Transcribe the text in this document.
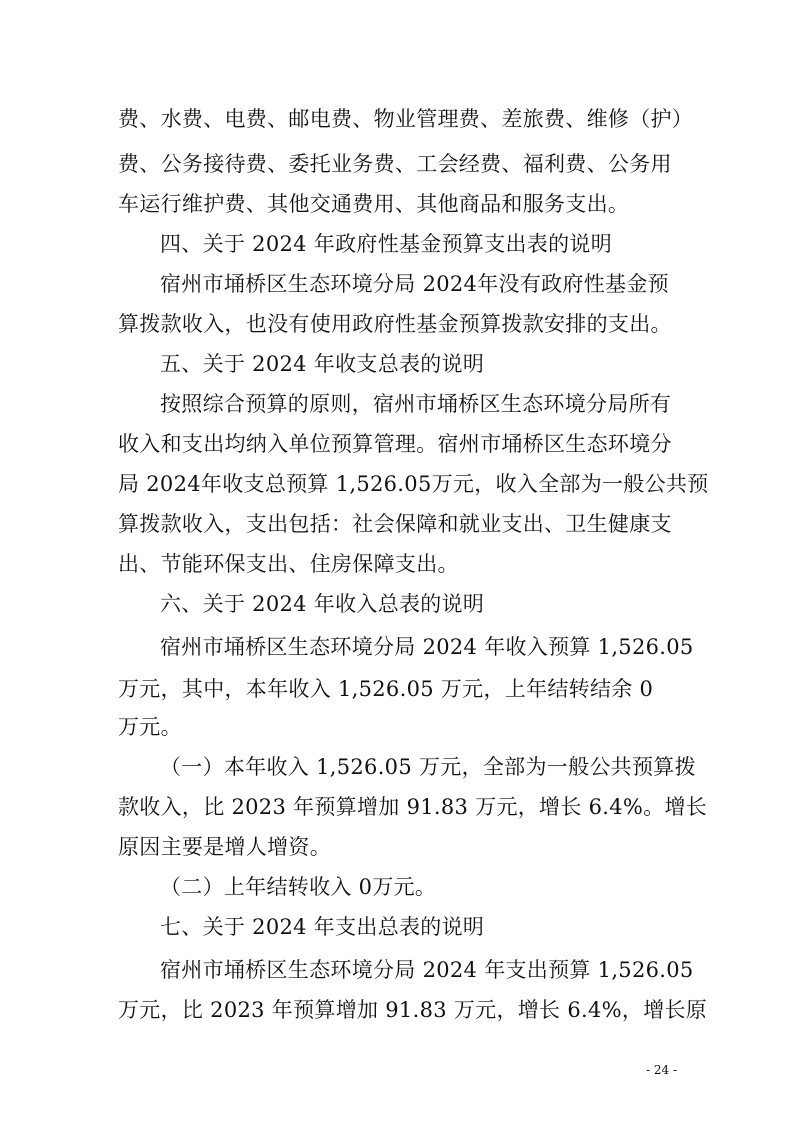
费、水费、电费、邮电费、物业管理费、差旅费、维修（护）
费、公务接待费、委托业务费、工会经费、福利费、公务用
车运行维护费、其他交通费用、其他商品和服务支出。
四、关于 2024 年政府性基金预算支出表的说明
宿州市埇桥区生态环境分局 2024年没有政府性基金预
算拨款收入，也没有使用政府性基金预算拨款安排的支出。
五、关于 2024 年收支总表的说明
按照综合预算的原则，宿州市埇桥区生态环境分局所有
收入和支出均纳入单位预算管理。宿州市埇桥区生态环境分
局 2024年收支总预算 1,526.05万元，收入全部为一般公共预
算拨款收入，支出包括：社会保障和就业支出、卫生健康支
出、节能环保支出、住房保障支出。
六、关于 2024 年收入总表的说明
宿州市埇桥区生态环境分局 2024 年收入预算 1,526.05
万元，其中，本年收入 1,526.05 万元，上年结转结余 0
万元。
（一）本年收入 1,526.05 万元，全部为一般公共预算拨
款收入，比 2023 年预算增加 91.83 万元，增长 6.4%。增长
原因主要是增人增资。
（二）上年结转收入 0万元。
七、关于 2024 年支出总表的说明
宿州市埇桥区生态环境分局 2024 年支出预算 1,526.05
万元，比 2023 年预算增加 91.83 万元，增长 6.4%，增长原
- 24 -
